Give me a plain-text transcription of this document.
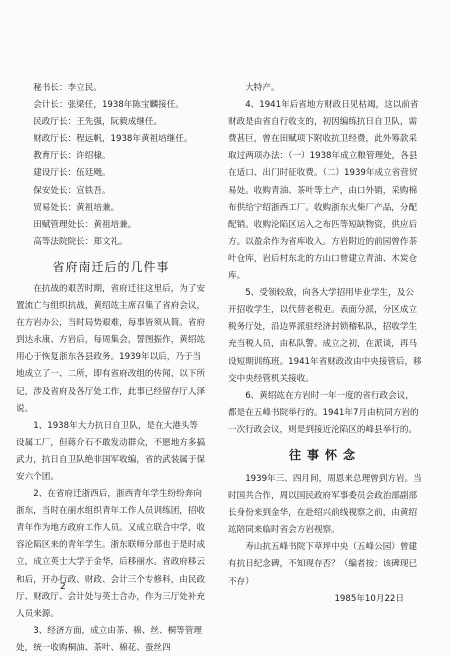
秘书长：李立民。

会计长：张梁任，1938年陈宝麟接任。

民政厅长：王先强，阮毅成继任。

财政厅长：程远帆，1938年黄祖培继任。

教育厅长：许绍棣。

建设厅长：伍廷飏。

保安处长：宣铁吾。

贸易处长：黄祖培兼。

田赋管理处长：黄祖培兼。

高等法院院长：郑文礼。

省府南迁后的几件事

在抗战的艰苦时期，省府迁往这里后，为了安置流亡与组织抗战，黄绍竑主席召集了省府会议，在方岩办公，当时局势艰难，每事皆须从简。省府到达永康、方岩后，每周集会，誓图振作，黄绍竑用心于恢复浙东各县政务。1939年以后，乃于当地成立了一、二所，即有省府改组的传闻，以下所记，涉及省府及各厅处工作，此事已经留存厅人泽说。

1、1938年大力抗日自卫队，是在大港头等设属工厂，但蒋介石不敢发动群众，不愿地方多搞武力，抗日自卫队绝非国军收编，省的武装属于保安六个团。

2、在省府迁浙西后，浙西青年学生纷纷奔向浙东，当时在丽水组织青年工作人员训练团，招收青年作为地方政府工作人员。又成立联合中学，收容沦陷区来的青年学生。浙东联师分部也于是时成立，成立英士大学于金华，后移丽水。省政府移云和后，开办行政、财政、会计三个专修科，由民政厅、财政厅、会计处与英士合办，作为三厅处补充人员来源。

3、经济方面，成立由茶、棉、丝、桐等管理处，统一收购桐油、茶叶、棉花、蚕丝四

大特产。

4、1941年后省地方财政日见枯竭，这以前省财政是由省自行收支的，初因编练抗日自卫队，需费甚巨，曾在田赋项下附收抗卫经费，此外筹款采取过两项办法：（一）1938年成立粮管理处，各县在适口、出门时征收费。（二）1939年成立省营贸易处。收购青油、茶叶等土产，由口外销，采购棉布供给宁绍浙西工厂。收购浙东火柴厂产品，分配配销。收购沦陷区运入之布匹等短缺物资，供应后方。以盈余作为省库收入。方岩附近的前园曾作茶叶仓库，岩后村东北的方山口曾建立青油、木炭仓库。

5、受领较敌，向各大学招用毕业学生，及公开招收学生，以代替老税吏。表面分派，分区成立税务厅处，沿边界派驻经济封锁稽私队，招收学生充当税人员，由私队警。成立之初，在派谈，再马设短期训练班。1941年省财政改由中央接管后，移交中央经管机关接收。

6、黄绍竑在方岩时一年一度的省行政会议，都是在五峰书院举行的。1941年7月由杭同方岩的一次行政会议，则是到接近沦陷区的峰县举行的。

往事怀念

1939年三、四月间，周恩来总理曾到方岩。当时国共合作，周以国民政府军事委员会政治部副部长身份来到金华，在赴绍兴前线视察之前，由黄绍竑陪同来临时省会方岩视察。

寿山抗五峰书院下草坪中央（五峰公园）曾建有抗日纪念碑，不知现存否？（编者按：该碑现已不存）

1985年10月22日

2
